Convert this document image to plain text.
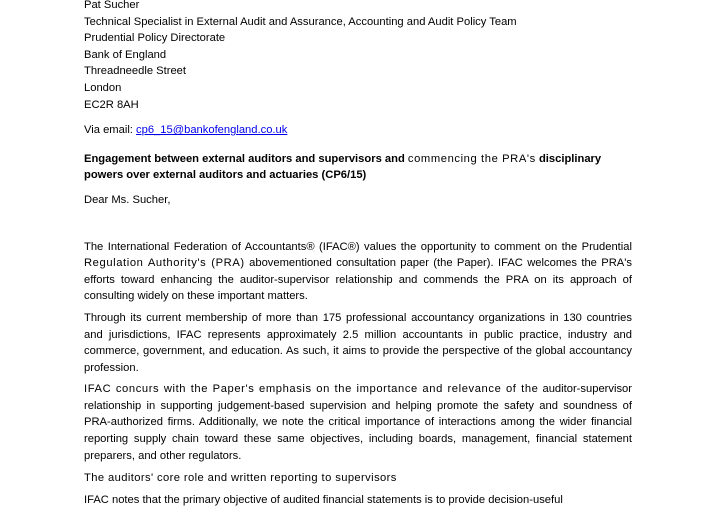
Pat Sucher
Technical Specialist in External Audit and Assurance, Accounting and Audit Policy Team
Prudential Policy Directorate
Bank of England
Threadneedle Street
London
EC2R 8AH
Via email: cp6_15@bankofengland.co.uk
Engagement between external auditors and supervisors and commencing the PRA's disciplinary powers over external auditors and actuaries (CP6/15)
Dear Ms. Sucher,

The International Federation of Accountants® (IFAC®) values the opportunity to comment on the Prudential Regulation Authority's (PRA) abovementioned consultation paper (the Paper). IFAC welcomes the PRA's efforts toward enhancing the auditor-supervisor relationship and commends the PRA on its approach of consulting widely on these important matters.

Through its current membership of more than 175 professional accountancy organizations in 130 countries and jurisdictions, IFAC represents approximately 2.5 million accountants in public practice, industry and commerce, government, and education. As such, it aims to provide the perspective of the global accountancy profession.

IFAC concurs with the Paper's emphasis on the importance and relevance of the auditor-supervisor relationship in supporting judgement-based supervision and helping promote the safety and soundness of PRA-authorized firms. Additionally, we note the critical importance of interactions among the wider financial reporting supply chain toward these same objectives, including boards, management, financial statement preparers, and other regulators.

The auditors' core role and written reporting to supervisors

IFAC notes that the primary objective of audited financial statements is to provide decision-useful
